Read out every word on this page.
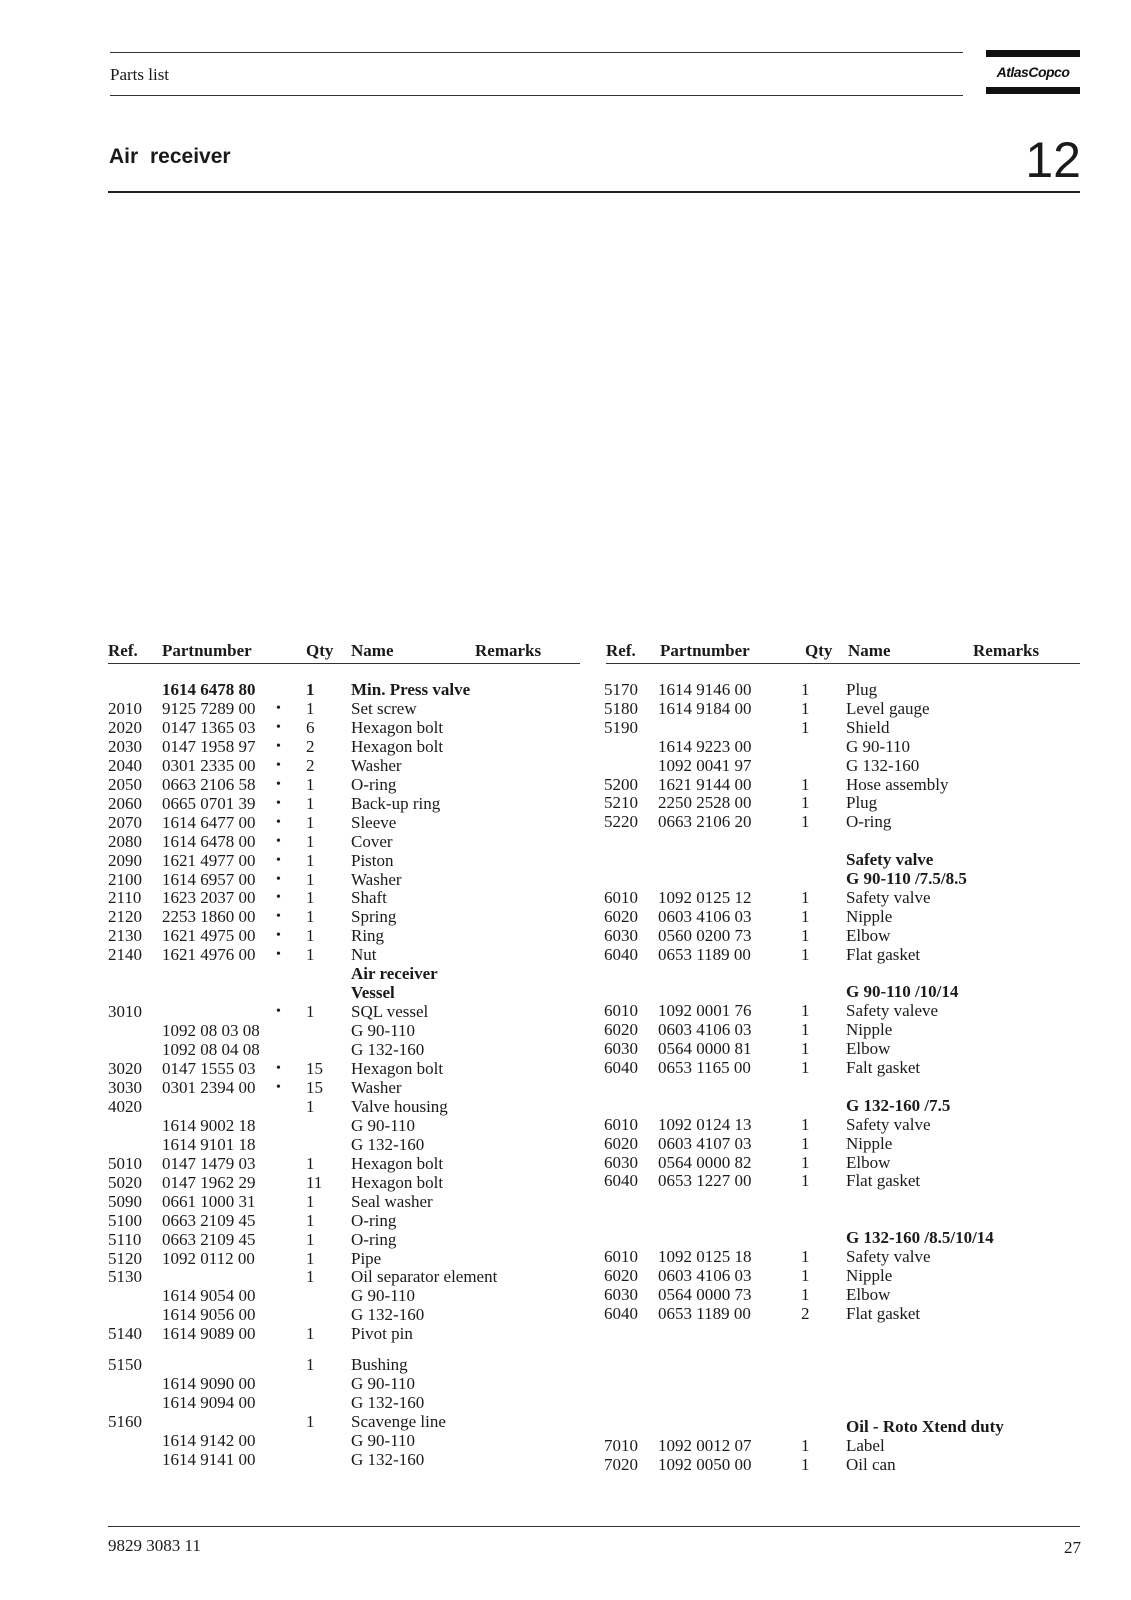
Parts list	AtlasCopco
Air receiver	12
Ref. Partnumber	Qty Name	Remarks	Ref. Partnumber	Qty Name	Remarks
1614 6478 80	1 Min. Press valve
2010 9125 7289 00 • 1 Set screw
2020 0147 1365 03 • 6 Hexagon bolt
2030 0147 1958 97 • 2 Hexagon bolt
2040 0301 2335 00 • 2 Washer
2050 0663 2106 58 • 1 O-ring
2060 0665 0701 39 • 1 Back-up ring
2070 1614 6477 00 • 1 Sleeve
2080 1614 6478 00 • 1 Cover
2090 1621 4977 00 • 1 Piston
2100 1614 6957 00 • 1 Washer
2110 1623 2037 00 • 1 Shaft
2120 2253 1860 00 • 1 Spring
2130 1621 4975 00 • 1 Ring
2140 1621 4976 00 • 1 Nut
Air receiver
Vessel
3010	• 1 SQL vessel
1092 08 03 08	G 90-110
1092 08 04 08	G 132-160
3020 0147 1555 03 • 15 Hexagon bolt
3030 0301 2394 00 • 15 Washer
4020	1 Valve housing
1614 9002 18	G 90-110
1614 9101 18	G 132-160
5010 0147 1479 03	1 Hexagon bolt
5020 0147 1962 29	11 Hexagon bolt
5090 0661 1000 31	1 Seal washer
5100 0663 2109 45	1 O-ring
5110 0663 2109 45	1 O-ring
5120 1092 0112 00	1 Pipe
5130	1 Oil separator element
1614 9054 00	G 90-110
1614 9056 00	G 132-160
5140 1614 9089 00	1 Pivot pin
5150	1 Bushing
1614 9090 00	G 90-110
1614 9094 00	G 132-160
5160	1 Scavenge line
1614 9142 00	G 90-110
1614 9141 00	G 132-160
5170 1614 9146 00	1 Plug
5180 1614 9184 00	1 Level gauge
5190	1 Shield
1614 9223 00	G 90-110
1092 0041 97	G 132-160
5200 1621 9144 00	1 Hose assembly
5210 2250 2528 00	1 Plug
5220 0663 2106 20	1 O-ring
Safety valve
G 90-110 /7.5/8.5
6010 1092 0125 12	1 Safety valve
6020 0603 4106 03	1 Nipple
6030 0560 0200 73	1 Elbow
6040 0653 1189 00	1 Flat gasket
G 90-110 /10/14
6010 1092 0001 76	1 Safety valeve
6020 0603 4106 03	1 Nipple
6030 0564 0000 81	1 Elbow
6040 0653 1165 00	1 Falt gasket
G 132-160 /7.5
6010 1092 0124 13	1 Safety valve
6020 0603 4107 03	1 Nipple
6030 0564 0000 82	1 Elbow
6040 0653 1227 00	1 Flat gasket
G 132-160 /8.5/10/14
6010 1092 0125 18	1 Safety valve
6020 0603 4106 03	1 Nipple
6030 0564 0000 73	1 Elbow
6040 0653 1189 00	2 Flat gasket
Oil - Roto Xtend duty
7010 1092 0012 07	1 Label
7020 1092 0050 00	1 Oil can
9829 3083 11	27
